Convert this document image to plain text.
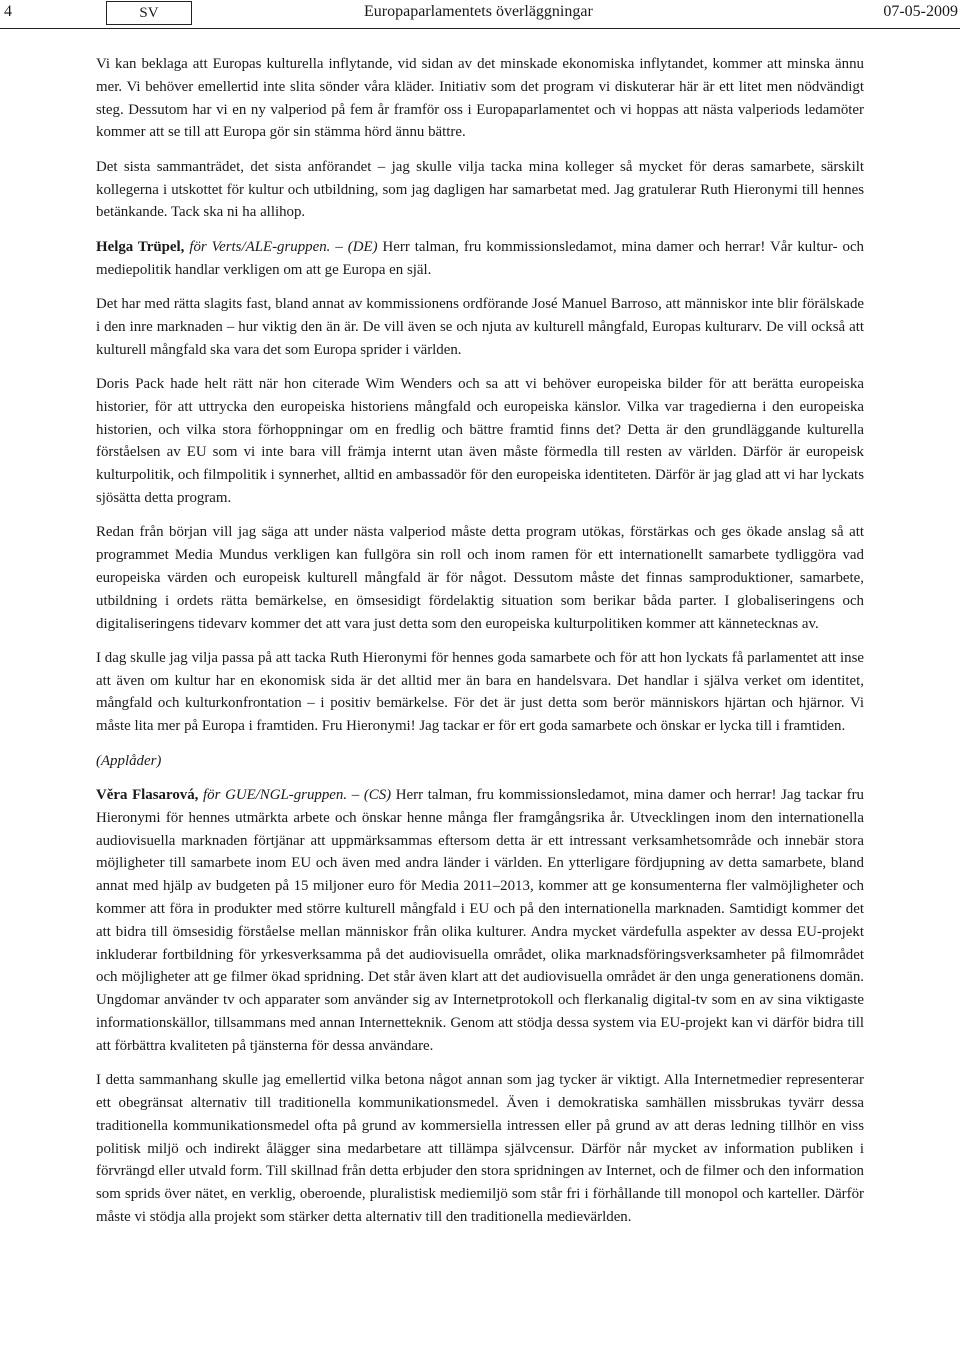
4	SV	Europaparlamentets överläggningar	07-05-2009

Vi kan beklaga att Europas kulturella inflytande, vid sidan av det minskade ekonomiska inflytandet, kommer att minska ännu mer. Vi behöver emellertid inte slita sönder våra kläder. Initiativ som det program vi diskuterar här är ett litet men nödvändigt steg. Dessutom har vi en ny valperiod på fem år framför oss i Europaparlamentet och vi hoppas att nästa valperiods ledamöter kommer att se till att Europa gör sin stämma hörd ännu bättre.

Det sista sammanträdet, det sista anförandet – jag skulle vilja tacka mina kolleger så mycket för deras samarbete, särskilt kollegerna i utskottet för kultur och utbildning, som jag dagligen har samarbetat med. Jag gratulerar Ruth Hieronymi till hennes betänkande. Tack ska ni ha allihop.

Helga Trüpel, för Verts/ALE-gruppen. – (DE) Herr talman, fru kommissionsledamot, mina damer och herrar! Vår kultur- och mediepolitik handlar verkligen om att ge Europa en själ.

Det har med rätta slagits fast, bland annat av kommissionens ordförande José Manuel Barroso, att människor inte blir förälskade i den inre marknaden – hur viktig den än är. De vill även se och njuta av kulturell mångfald, Europas kulturarv. De vill också att kulturell mångfald ska vara det som Europa sprider i världen.

Doris Pack hade helt rätt när hon citerade Wim Wenders och sa att vi behöver europeiska bilder för att berätta europeiska historier, för att uttrycka den europeiska historiens mångfald och europeiska känslor. Vilka var tragedierna i den europeiska historien, och vilka stora förhoppningar om en fredlig och bättre framtid finns det? Detta är den grundläggande kulturella förståelsen av EU som vi inte bara vill främja internt utan även måste förmedla till resten av världen. Därför är europeisk kulturpolitik, och filmpolitik i synnerhet, alltid en ambassadör för den europeiska identiteten. Därför är jag glad att vi har lyckats sjösätta detta program.

Redan från början vill jag säga att under nästa valperiod måste detta program utökas, förstärkas och ges ökade anslag så att programmet Media Mundus verkligen kan fullgöra sin roll och inom ramen för ett internationellt samarbete tydliggöra vad europeiska värden och europeisk kulturell mångfald är för något. Dessutom måste det finnas samproduktioner, samarbete, utbildning i ordets rätta bemärkelse, en ömsesidigt fördelaktig situation som berikar båda parter. I globaliseringens och digitaliseringens tidevarv kommer det att vara just detta som den europeiska kulturpolitiken kommer att kännetecknas av.

I dag skulle jag vilja passa på att tacka Ruth Hieronymi för hennes goda samarbete och för att hon lyckats få parlamentet att inse att även om kultur har en ekonomisk sida är det alltid mer än bara en handelsvara. Det handlar i själva verket om identitet, mångfald och kulturkonfrontation – i positiv bemärkelse. För det är just detta som berör människors hjärtan och hjärnor. Vi måste lita mer på Europa i framtiden. Fru Hieronymi! Jag tackar er för ert goda samarbete och önskar er lycka till i framtiden.

(Applåder)

Věra Flasarová, för GUE/NGL-gruppen. – (CS) Herr talman, fru kommissionsledamot, mina damer och herrar! Jag tackar fru Hieronymi för hennes utmärkta arbete och önskar henne många fler framgångsrika år. Utvecklingen inom den internationella audiovisuella marknaden förtjänar att uppmärksammas eftersom detta är ett intressant verksamhetsområde och innebär stora möjligheter till samarbete inom EU och även med andra länder i världen. En ytterligare fördjupning av detta samarbete, bland annat med hjälp av budgeten på 15 miljoner euro för Media 2011–2013, kommer att ge konsumenterna fler valmöjligheter och kommer att föra in produkter med större kulturell mångfald i EU och på den internationella marknaden. Samtidigt kommer det att bidra till ömsesidig förståelse mellan människor från olika kulturer. Andra mycket värdefulla aspekter av dessa EU-projekt inkluderar fortbildning för yrkesverksamma på det audiovisuella området, olika marknadsföringsverksamheter på filmområdet och möjligheter att ge filmer ökad spridning. Det står även klart att det audiovisuella området är den unga generationens domän. Ungdomar använder tv och apparater som använder sig av Internetprotokoll och flerkanalig digital-tv som en av sina viktigaste informationskällor, tillsammans med annan Internetteknik. Genom att stödja dessa system via EU-projekt kan vi därför bidra till att förbättra kvaliteten på tjänsterna för dessa användare.

I detta sammanhang skulle jag emellertid vilka betona något annan som jag tycker är viktigt. Alla Internetmedier representerar ett obegränsat alternativ till traditionella kommunikationsmedel. Även i demokratiska samhällen missbrukas tyvärr dessa traditionella kommunikationsmedel ofta på grund av kommersiella intressen eller på grund av att deras ledning tillhör en viss politisk miljö och indirekt ålägger sina medarbetare att tillämpa självcensur. Därför når mycket av information publiken i förvrängd eller utvald form. Till skillnad från detta erbjuder den stora spridningen av Internet, och de filmer och den information som sprids över nätet, en verklig, oberoende, pluralistisk mediemiljö som står fri i förhållande till monopol och karteller. Därför måste vi stödja alla projekt som stärker detta alternativ till den traditionella medievärlden.
